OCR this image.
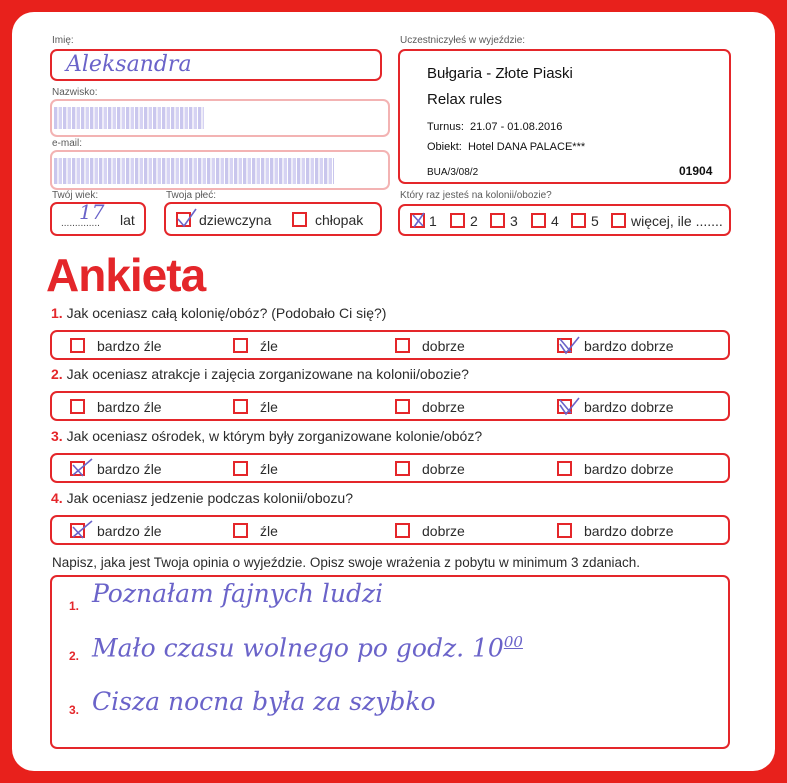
Imię:
Aleksandra
Nazwisko:
e-mail:
Twój wiek:
..............
17 lat
Twoja płeć:
dziewczyna	chłopak
Uczestniczyłeś w wyjeździe:
Bułgaria - Złote Piaski
Relax rules
Turnus:  21.07 - 01.08.2016
Obiekt:  Hotel DANA PALACE***
BUA/3/08/2	01904
Który raz jesteś na kolonii/obozie?
1 2 3 4 5 więcej, ile .......
Ankieta
1. Jak oceniasz całą kolonię/obóz? (Podobało Ci się?)
bardzo źle	źle	dobrze	bardzo dobrze
2. Jak oceniasz atrakcje i zajęcia zorganizowane na kolonii/obozie?
bardzo źle	źle	dobrze	bardzo dobrze
3. Jak oceniasz ośrodek, w którym były zorganizowane kolonie/obóz?
bardzo źle	źle	dobrze	bardzo dobrze
4. Jak oceniasz jedzenie podczas kolonii/obozu?
bardzo źle	źle	dobrze	bardzo dobrze
Napisz, jaka jest Twoja opinia o wyjeździe. Opisz swoje wrażenia z pobytu w minimum 3 zdaniach.
1. Poznałam fajnych ludzi
2. Mało czasu wolnego po godz. $10^{00}$
3. Cisza nocna była za szybko
